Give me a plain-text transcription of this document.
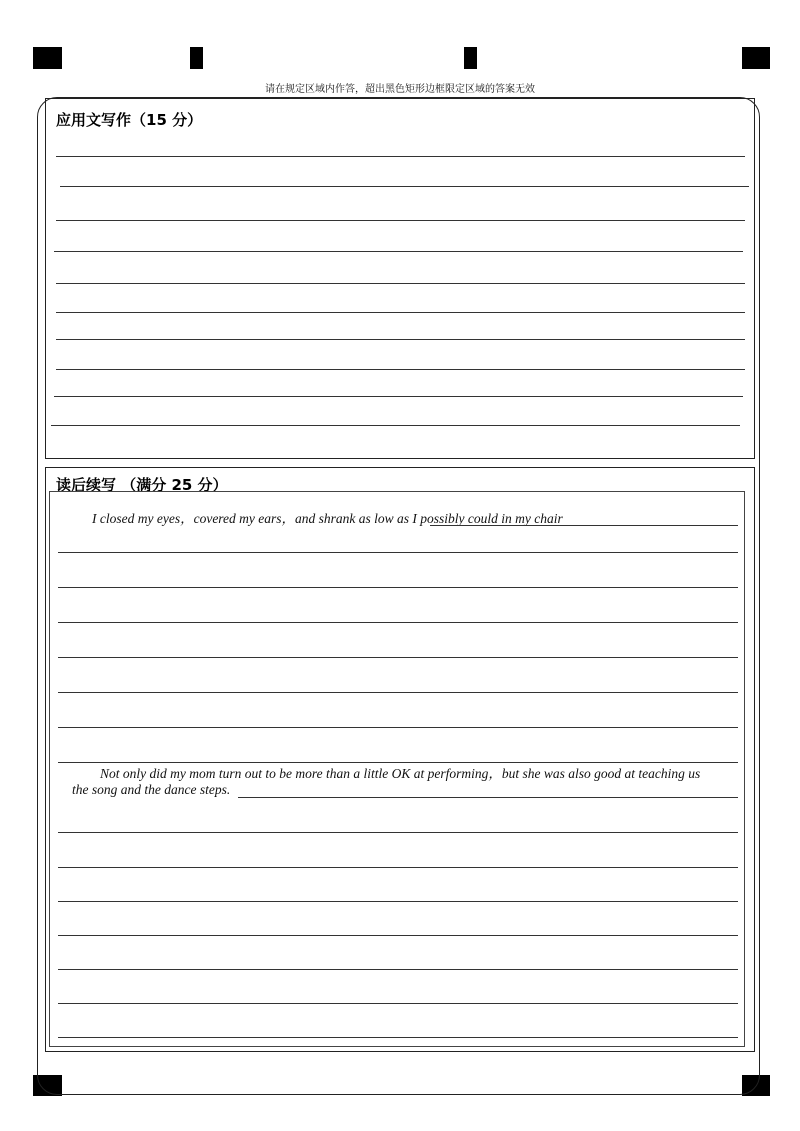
请在规定区域内作答，超出黑色矩形边框限定区域的答案无效
应用文写作（15 分）
读后续写 （满分 25 分）
I closed my eyes，covered my ears，and shrank as low as I possibly could in my chair
Not only did my mom turn out to be more than a little OK at performing，but she was also good at teaching us
the song and the dance steps.
